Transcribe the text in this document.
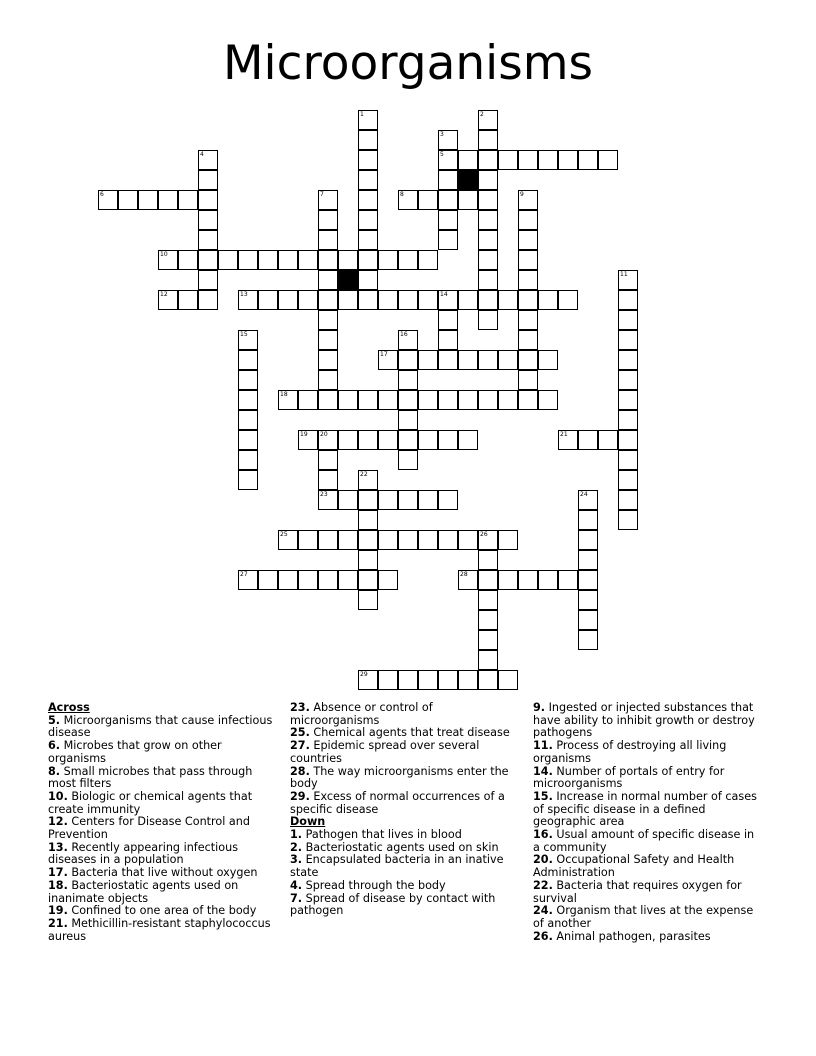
Microorganisms
1	2
3
5
4
6	7	8	9
10
11
12	13	14
15	16
17
18
19 20	21
22
23	24
25	26
27	28
29
Across
5. Microorganisms that cause infectious disease
6. Microbes that grow on other organisms
8. Small microbes that pass through most filters
10. Biologic or chemical agents that create immunity
12. Centers for Disease Control and Prevention
13. Recently appearing infectious diseases in a population
17. Bacteria that live without oxygen
18. Bacteriostatic agents used on inanimate objects
19. Confined to one area of the body
21. Methicillin-resistant staphylococcus aureus
23. Absence or control of microorganisms
25. Chemical agents that treat disease
27. Epidemic spread over several countries
28. The way microorganisms enter the body
29. Excess of normal occurrences of a specific disease
Down
1. Pathogen that lives in blood
2. Bacteriostatic agents used on skin
3. Encapsulated bacteria in an inative state
4. Spread through the body
7. Spread of disease by contact with pathogen
9. Ingested or injected substances that have ability to inhibit growth or destroy pathogens
11. Process of destroying all living organisms
14. Number of portals of entry for microorganisms
15. Increase in normal number of cases of specific disease in a defined geographic area
16. Usual amount of specific disease in a community
20. Occupational Safety and Health Administration
22. Bacteria that requires oxygen for survival
24. Organism that lives at the expense of another
26. Animal pathogen, parasites
